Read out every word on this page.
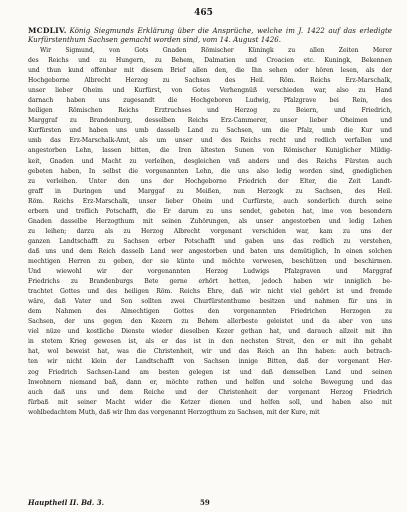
465
MCDLIV. König Siegmunds Erklärung über die Ansprüche, welche im J. 1422 auf das erledigte Kurfürstenthum Sachsen gemacht worden sind, vom 14. August 1426.
Wir Sigmund, von Gots Gnaden Römischer Küningk zu allen Zeiten Merer
des Reichs und zu Hungern, zu Behem, Dalmatien und Croacien etc. Kuningk, Bekennen
und thun kund offenbar mit diesem Brief allen den, die Ihn sehen oder hören lesen, als der
Hochgeborne Albrecht Herzog zu Sachsen des Heil. Röm. Reichs Erz-Marschalk,
unser lieber Oheim und Kurfürst, von Gotes Verhengnüß verschieden war, also zu Hand
darnach haben uns zugesandt die Hochgeboren Ludwig, Pfalzgrave bei Rein, des
heiligen Römischen Reichs Erztruchses und Herzog zu Beiern, und Friedrich,
Marggraf zu Brandenburg, desselben Reichs Erz-Cammerer, unser lieber Oheimen und
Kurfürsten und haben uns umb dasselb Land zu Sachsen, um die Pfalz, umb die Kur und
umb das Erz-Marschalk-Amt, als um unser und des Reichs recht und redlich verfallen und
angestorben Lehn, lassen bitten, die Iren ältesten Sunen von Römischer Kuniglicher Mildig-
keit, Gnaden und Macht zu verleihen, desgleichen vnß anders und des Reichs Fürsten auch
gebeten haben, In selbst die vorgenannten Lehn, die uns also ledig worden sind, gnediglichen
zu verleihen. Unter den uns der Hochgeborne Friedrich der Elter, die Zeit Landt-
graff in Duringen und Marggaf zu Meißen, nun Herzogk zu Sachsen, des Heil.
Röm. Reichs Erz-Marschalk, unser lieber Oheim und Curfürste, auch sonderlich durch seine
erbern und treflich Potschafft, die Er darum zu uns sendet, gebeten hat, ime von besondern
Gnaden dasselbe Herzogthum mit seinen Zuhörungen, als unser angestorben und ledig Lehen
zu leihen; darzu als zu Herzog Albrecht vorgenant verschiden war, kam zu uns der
ganzen Landtschafft zu Sachsen erber Potschafft und gaben uns das redlich zu verstehen,
daß uns und dem Reich dasselb Land wer angestorben und baten uns demütiglich, In einen solchen
mechtigen Herren zu geben, der sie künte und möchte verwesen, beschützen und beschirmen.
Und wiewohl wir der vorgenannten Herzog Ludwigs Pfalzgraven und Marggraf
Friedrichs zu Brandenburgs Bete gerne erhört hetten, jedoch haben wir inniglich be-
trachtet Gottes und des heiligen Röm. Reichs Ehre, daß wir nicht viel gehört ist und fremde
wäre, daß Vater und Son sollten zwei Churfürstenthume besitzen und nahmen für uns in
dem Nahmen des Almechtigen Gottes den vorgenannten Friedrichen Herzogen zu
Sachsen, der uns gegen den Kezern zu Behem allerbeste geleistet und da aber von uns
viel nüze und kostliche Dienste wieder dieselben Kezer gethan hat, und darauch allzeit mit ihn
in stetem Krieg gewesen ist, als er das ist in den nechsten Streit, den er mit ihn gehabt
hat, wol beweist hat, was die Christenheit, wir und das Reich an Ihn haben: auch betrach-
ten wir nicht klein der Landtschafft von Sachsen innige Bitten, daß der vorgenant Her-
zog Friedrich Sachsen-Land am besten gelegen ist und daß demselben Land und seinen
Inwohnern niemand baß, dann er, möchte rathen und helfen und solche Bewegung und das
auch daß uns und dem Reiche und der Christenheit der vorgenant Herzog Friedrich
fürbaß mit seiner Macht wider die Ketzer dienen und helfen soll, und haben also mit
wohlbedachtem Muth, daß wir Ihm das vorgenannt Herzogthum zu Sachsen, mit der Kure, mit
Hauptheil II. Bd. 3.	59
